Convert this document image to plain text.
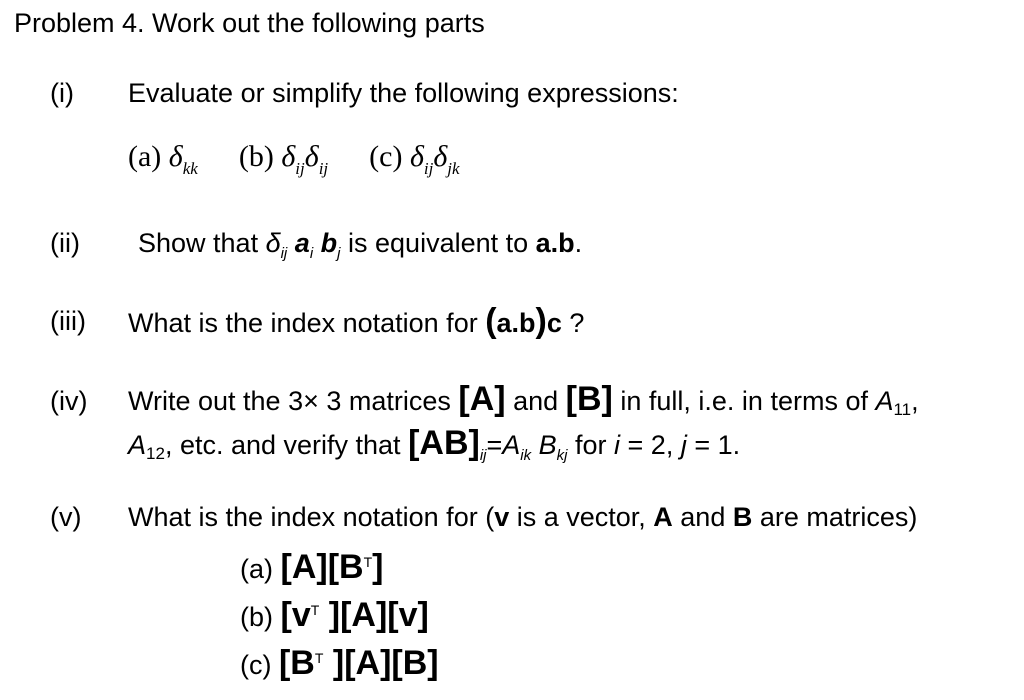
Problem 4. Work out the following parts
(i) Evaluate or simplify the following expressions:
(a) $\delta_{kk}$ (b) $\delta_{ij}\delta_{ij}$ (c) $\delta_{ij}\delta_{jk}$
(ii) Show that $\delta_{ij}$ $a_i$ $b_j$ is equivalent to a.b.
(iii) What is the index notation for (a.b)c ?
(iv) Write out the 3× 3 matrices [A] and [B] in full, i.e. in terms of A11,
A12, etc. and verify that $[AB]_{ij}=A_{ik}$ $B_{kj}$ for i = 2, j = 1.
(v) What is the index notation for (v is a vector, A and B are matrices)
(a) $[A][B^T]$
(b) [$v^T$ ][A][v]
(c) [$B^T$ ][A][B]
